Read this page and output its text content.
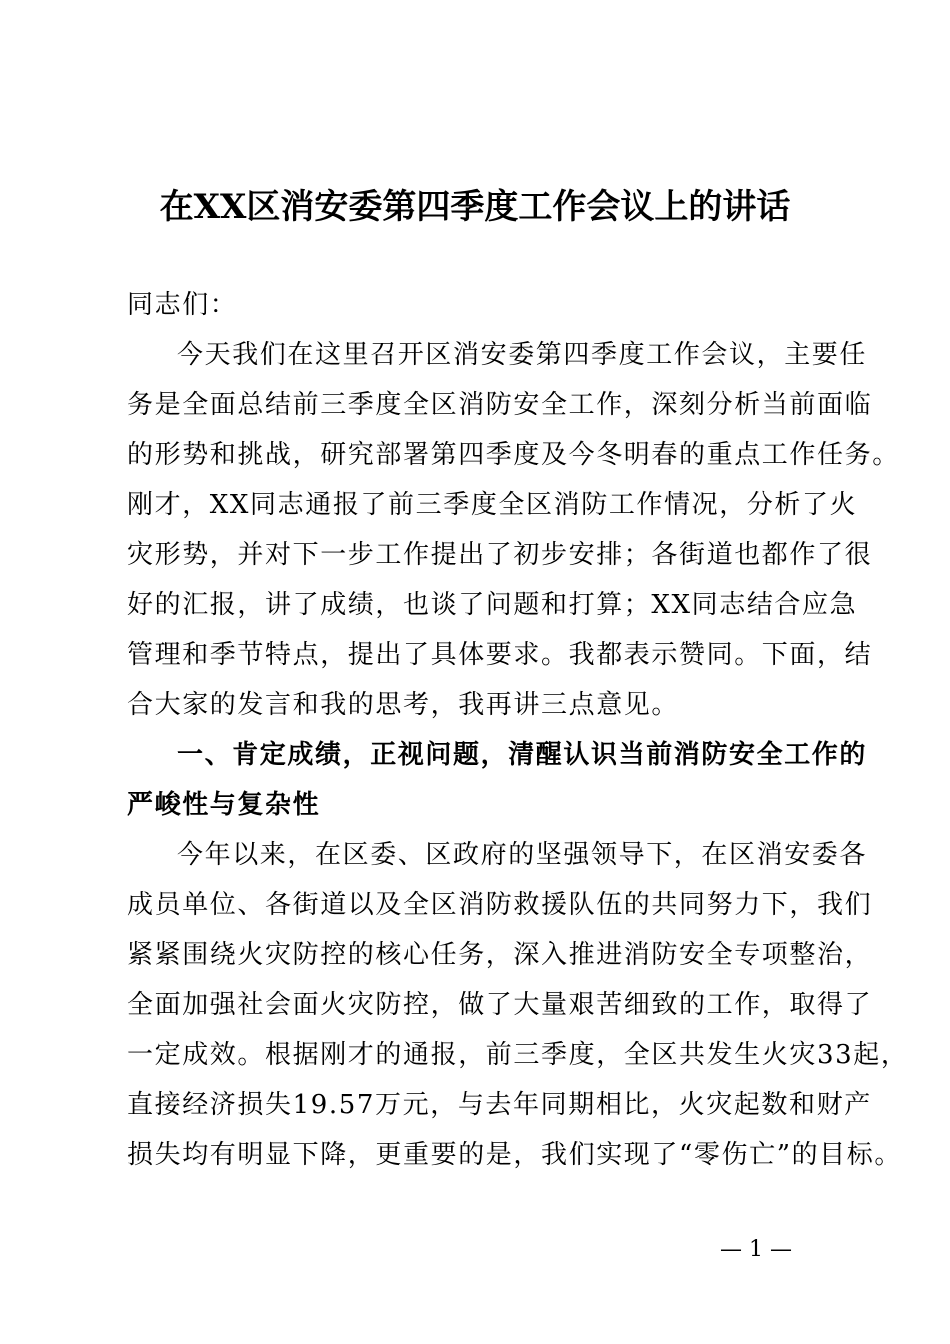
在XX区消安委第四季度工作会议上的讲话
同志们：
今天我们在这里召开区消安委第四季度工作会议，主要任
务是全面总结前三季度全区消防安全工作，深刻分析当前面临
的形势和挑战，研究部署第四季度及今冬明春的重点工作任务。
刚才，XX同志通报了前三季度全区消防工作情况，分析了火
灾形势，并对下一步工作提出了初步安排；各街道也都作了很
好的汇报，讲了成绩，也谈了问题和打算；XX同志结合应急
管理和季节特点，提出了具体要求。我都表示赞同。下面，结
合大家的发言和我的思考，我再讲三点意见。
一、肯定成绩，正视问题，清醒认识当前消防安全工作的
严峻性与复杂性
今年以来，在区委、区政府的坚强领导下，在区消安委各
成员单位、各街道以及全区消防救援队伍的共同努力下，我们
紧紧围绕火灾防控的核心任务，深入推进消防安全专项整治，
全面加强社会面火灾防控，做了大量艰苦细致的工作，取得了
一定成效。根据刚才的通报，前三季度，全区共发生火灾33起，
直接经济损失19.57万元，与去年同期相比，火灾起数和财产
损失均有明显下降，更重要的是，我们实现了“零伤亡”的目标。
— 1 —
